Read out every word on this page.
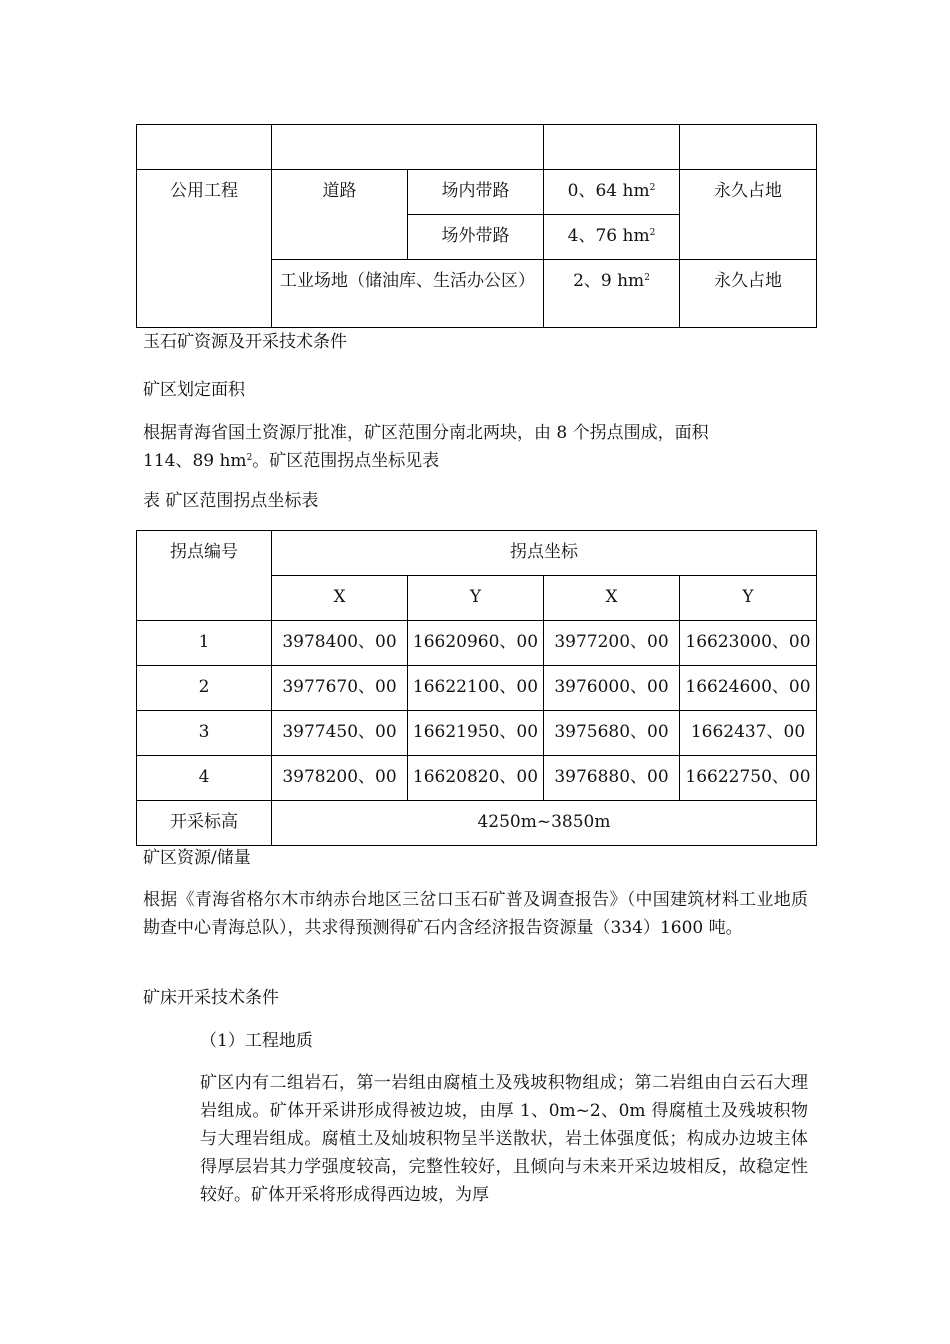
公用工程	道路	场内带路	0、64 $hm^2$	永久占地
		场外带路	4、76 $hm^2$

	工业场地（储油库、生活办公区）		2、9 $hm^2$	永久占地
玉石矿资源及开采技术条件
矿区划定面积
根据青海省国土资源厅批准，矿区范围分南北两块，由 8 个拐点围成，面积
114、89 $hm^2$。矿区范围拐点坐标见表
表 矿区范围拐点坐标表
拐点编号	拐点坐标			
	X	Y	X	Y
1	3978400、00	16620960、00	3977200、00	16623000、00
2	3977670、00	16622100、00	3976000、00	16624600、00
3	3977450、00	16621950、00	3975680、00	1662437、00
4	3978200、00	16620820、00	3976880、00	16622750、00
开采标高	4250m~3850m			
矿区资源/储量
根据《青海省格尔木市纳赤台地区三岔口玉石矿普及调查报告》（中国建筑材料工业地质勘查中心青海总队），共求得预测得矿石内含经济报告资源量（334）1600 吨。
矿床开采技术条件
（1）工程地质
矿区内有二组岩石，第一岩组由腐植土及残坡积物组成；第二岩组由白云石大理岩组成。矿体开采讲形成得被边坡，由厚 1、0m~2、0m 得腐植土及残坡积物与大理岩组成。腐植土及灿坡积物呈半送散状，岩土体强度低；构成办边坡主体得厚层岩其力学强度较高，完整性较好，且倾向与未来开采边坡相反，故稳定性较好。矿体开采将形成得西边坡，为厚
